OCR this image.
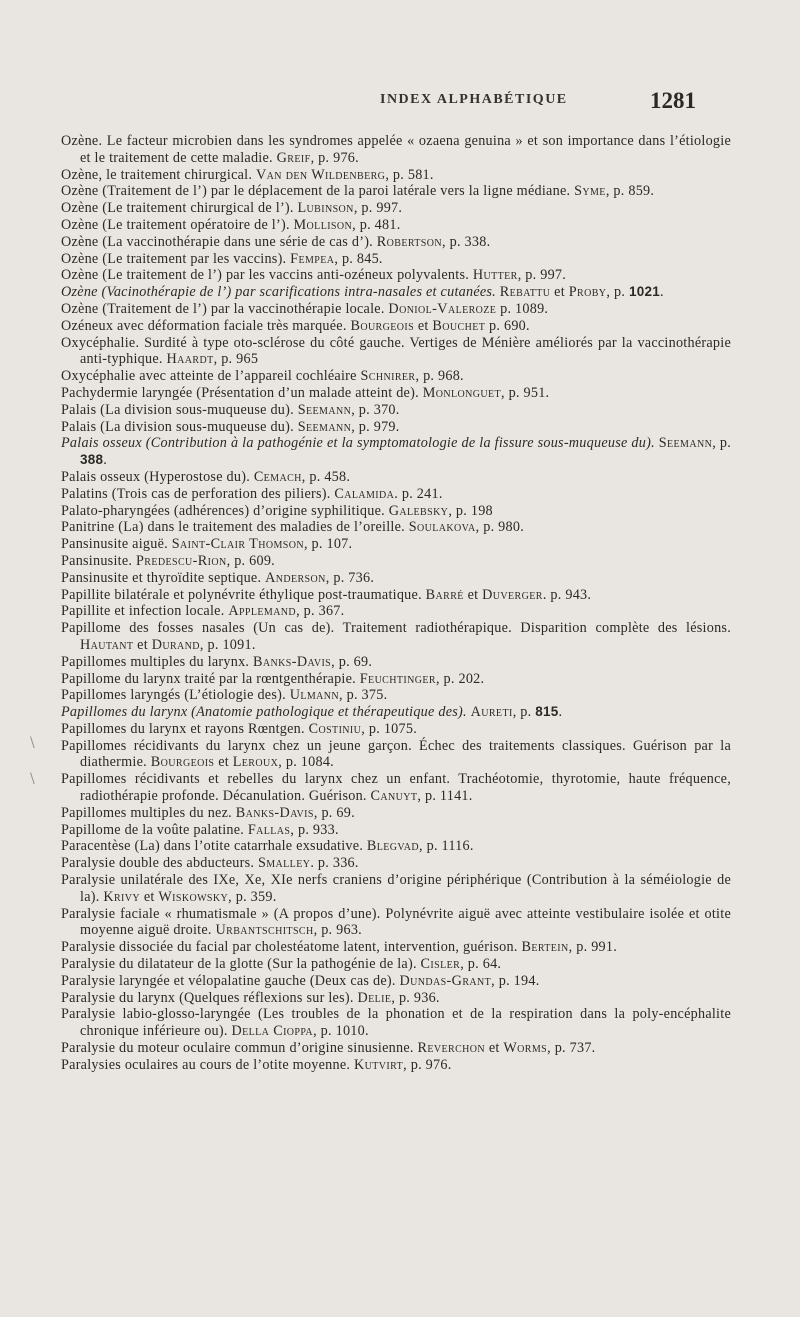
INDEX ALPHABÉTIQUE	1281
\
\

Ozène. Le facteur microbien dans les syndromes appelée « ozaena genuina » et son importance dans l’étiologie et le traitement de cette maladie. Greif, p. 976.

Ozène, le traitement chirurgical. Van den Wildenberg, p. 581.

Ozène (Traitement de l’) par le déplacement de la paroi latérale vers la ligne médiane. Syme, p. 859.

Ozène (Le traitement chirurgical de l’). Lubinson, p. 997.

Ozène (Le traitement opératoire de l’). Mollison, p. 481.

Ozène (La vaccinothérapie dans une série de cas d’). Robertson, p. 338.

Ozène (Le traitement par les vaccins). Fempea, p. 845.

Ozène (Le traitement de l’) par les vaccins anti-ozéneux polyvalents. Hutter, p. 997.

Ozène (Vacinothérapie de l’) par scarifications intra-nasales et cutanées. Rebattu et Proby, p. 1021.

Ozène (Traitement de l’) par la vaccinothérapie locale. Doniol-Valeroze p. 1089.

Ozéneux avec déformation faciale très marquée. Bourgeois et Bouchet p. 690.

Oxycéphalie. Surdité à type oto-sclérose du côté gauche. Vertiges de Ménière améliorés par la vaccinothérapie anti-typhique. Haardt, p. 965

Oxycéphalie avec atteinte de l’appareil cochléaire Schnirer, p. 968.

Pachydermie laryngée (Présentation d’un malade atteint de). Monlonguet, p. 951.

Palais (La division sous-muqueuse du). Seemann, p. 370.

Palais (La division sous-muqueuse du). Seemann, p. 979.

Palais osseux (Contribution à la pathogénie et la symptomatologie de la fissure sous-muqueuse du). Seemann, p. 388.

Palais osseux (Hyperostose du). Cemach, p. 458.

Palatins (Trois cas de perforation des piliers). Calamida. p. 241.

Palato-pharyngées (adhérences) d’origine syphilitique. Galebsky, p. 198

Panitrine (La) dans le traitement des maladies de l’oreille. Soulakova, p. 980.

Pansinusite aiguë. Saint-Clair Thomson, p. 107.

Pansinusite. Predescu-Rion, p. 609.

Pansinusite et thyroïdite septique. Anderson, p. 736.

Papillite bilatérale et polynévrite éthylique post-traumatique. Barré et Duverger. p. 943.

Papillite et infection locale. Applemand, p. 367.

Papillome des fosses nasales (Un cas de). Traitement radiothérapique. Disparition complète des lésions. Hautant et Durand, p. 1091.

Papillomes multiples du larynx. Banks-Davis, p. 69.

Papillome du larynx traité par la rœntgenthérapie. Feuchtinger, p. 202.

Papillomes laryngés (L’étiologie des). Ulmann, p. 375.

Papillomes du larynx (Anatomie pathologique et thérapeutique des). Aureti, p. 815.

Papillomes du larynx et rayons Rœntgen. Costiniu, p. 1075.

Papillomes récidivants du larynx chez un jeune garçon. Échec des traitements classiques. Guérison par la diathermie. Bourgeois et Leroux, p. 1084.

Papillomes récidivants et rebelles du larynx chez un enfant. Trachéotomie, thyrotomie, haute fréquence, radiothérapie profonde. Décanulation. Guérison. Canuyt, p. 1141.

Papillomes multiples du nez. Banks-Davis, p. 69.

Papillome de la voûte palatine. Fallas, p. 933.

Paracentèse (La) dans l’otite catarrhale exsudative. Blegvad, p. 1116.

Paralysie double des abducteurs. Smalley. p. 336.

Paralysie unilatérale des IXe, Xe, XIe nerfs craniens d’origine périphérique (Contribution à la séméiologie de la). Krivy et Wiskowsky, p. 359.

Paralysie faciale « rhumatismale » (A propos d’une). Polynévrite aiguë avec atteinte vestibulaire isolée et otite moyenne aiguë droite. Urbantschitsch, p. 963.

Paralysie dissociée du facial par cholestéatome latent, intervention, guérison. Bertein, p. 991.

Paralysie du dilatateur de la glotte (Sur la pathogénie de la). Cisler, p. 64.

Paralysie laryngée et vélopalatine gauche (Deux cas de). Dundas-Grant, p. 194.

Paralysie du larynx (Quelques réflexions sur les). Delie, p. 936.

Paralysie labio-glosso-laryngée (Les troubles de la phonation et de la respiration dans la poly-encéphalite chronique inférieure ou). Della Cioppa, p. 1010.

Paralysie du moteur oculaire commun d’origine sinusienne. Reverchon et Worms, p. 737.

Paralysies oculaires au cours de l’otite moyenne. Kutvirt, p. 976.
